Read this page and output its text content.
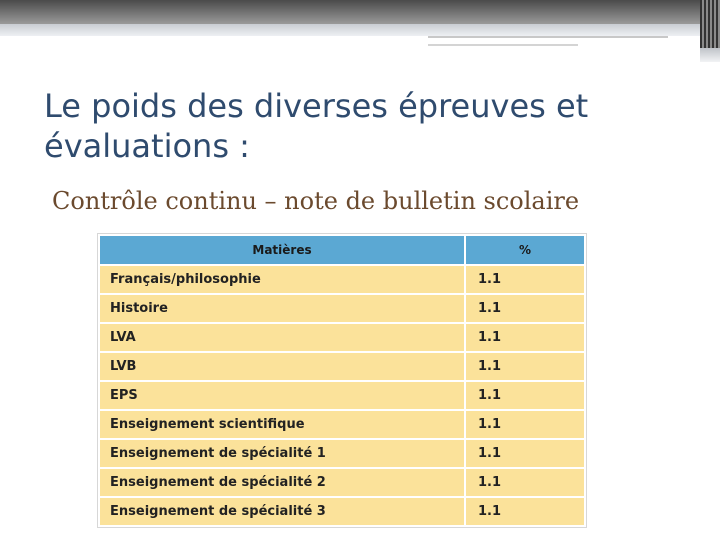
Le poids des diverses épreuves et évaluations :

Contrôle continu – note de bulletin scolaire

Matières	%
Français/philosophie	1.1
Histoire	1.1
LVA	1.1
LVB	1.1
EPS	1.1
Enseignement scientifique	1.1
Enseignement de spécialité 1	1.1
Enseignement de spécialité 2	1.1
Enseignement de spécialité 3	1.1
